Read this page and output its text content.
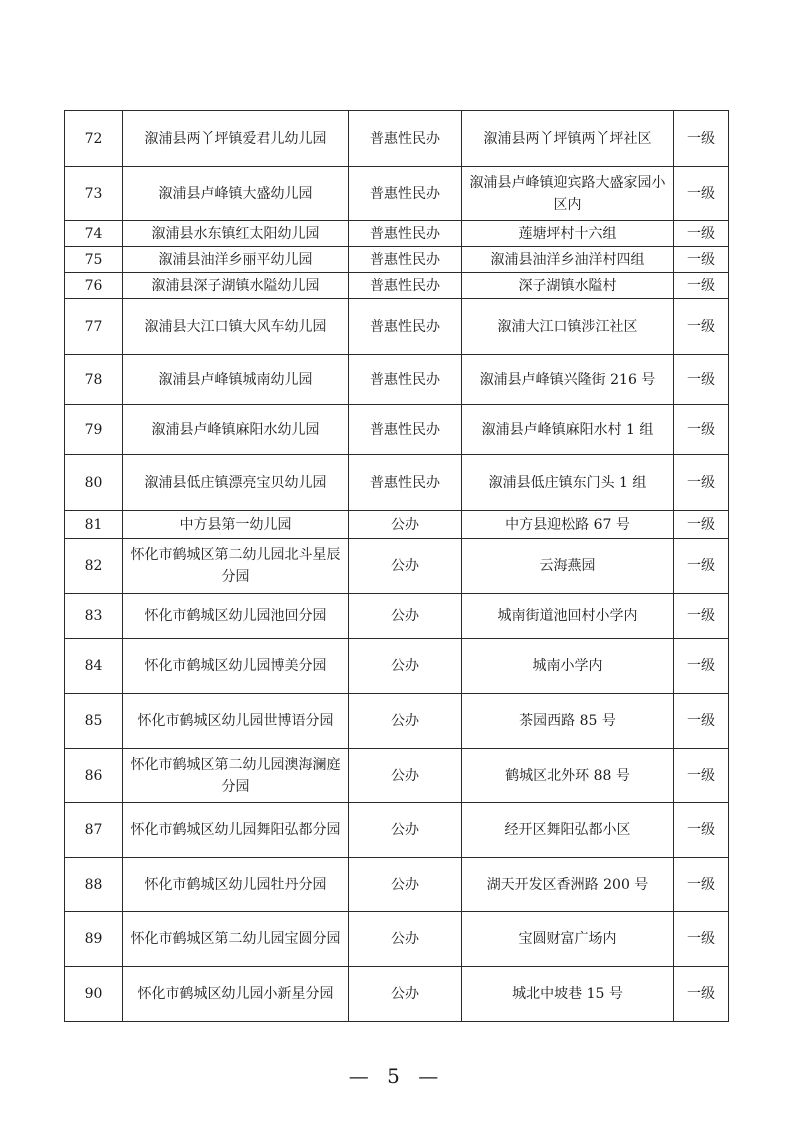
72	溆浦县两丫坪镇爱君儿幼儿园	普惠性民办	溆浦县两丫坪镇两丫坪社区	一级
73	溆浦县卢峰镇大盛幼儿园	普惠性民办	溆浦县卢峰镇迎宾路大盛家园小区内	一级
74	溆浦县水东镇红太阳幼儿园	普惠性民办	莲塘坪村十六组	一级
75	溆浦县油洋乡丽平幼儿园	普惠性民办	溆浦县油洋乡油洋村四组	一级
76	溆浦县深子湖镇水隘幼儿园	普惠性民办	深子湖镇水隘村	一级
77	溆浦县大江口镇大风车幼儿园	普惠性民办	溆浦大江口镇涉江社区	一级
78	溆浦县卢峰镇城南幼儿园	普惠性民办	溆浦县卢峰镇兴隆街 216 号	一级
79	溆浦县卢峰镇麻阳水幼儿园	普惠性民办	溆浦县卢峰镇麻阳水村 1 组	一级
80	溆浦县低庄镇漂亮宝贝幼儿园	普惠性民办	溆浦县低庄镇东门头 1 组	一级
81	中方县第一幼儿园	公办	中方县迎松路 67 号	一级
82	怀化市鹤城区第二幼儿园北斗星辰分园	公办	云海燕园	一级
83	怀化市鹤城区幼儿园池回分园	公办	城南街道池回村小学内	一级
84	怀化市鹤城区幼儿园博美分园	公办	城南小学内	一级
85	怀化市鹤城区幼儿园世博语分园	公办	茶园西路 85 号	一级
86	怀化市鹤城区第二幼儿园澳海澜庭分园	公办	鹤城区北外环 88 号	一级
87	怀化市鹤城区幼儿园舞阳弘都分园	公办	经开区舞阳弘都小区	一级
88	怀化市鹤城区幼儿园牡丹分园	公办	湖天开发区香洲路 200 号	一级
89	怀化市鹤城区第二幼儿园宝圆分园	公办	宝圆财富广场内	一级
90	怀化市鹤城区幼儿园小新星分园	公办	城北中坡巷 15 号	一级
— 5 —
